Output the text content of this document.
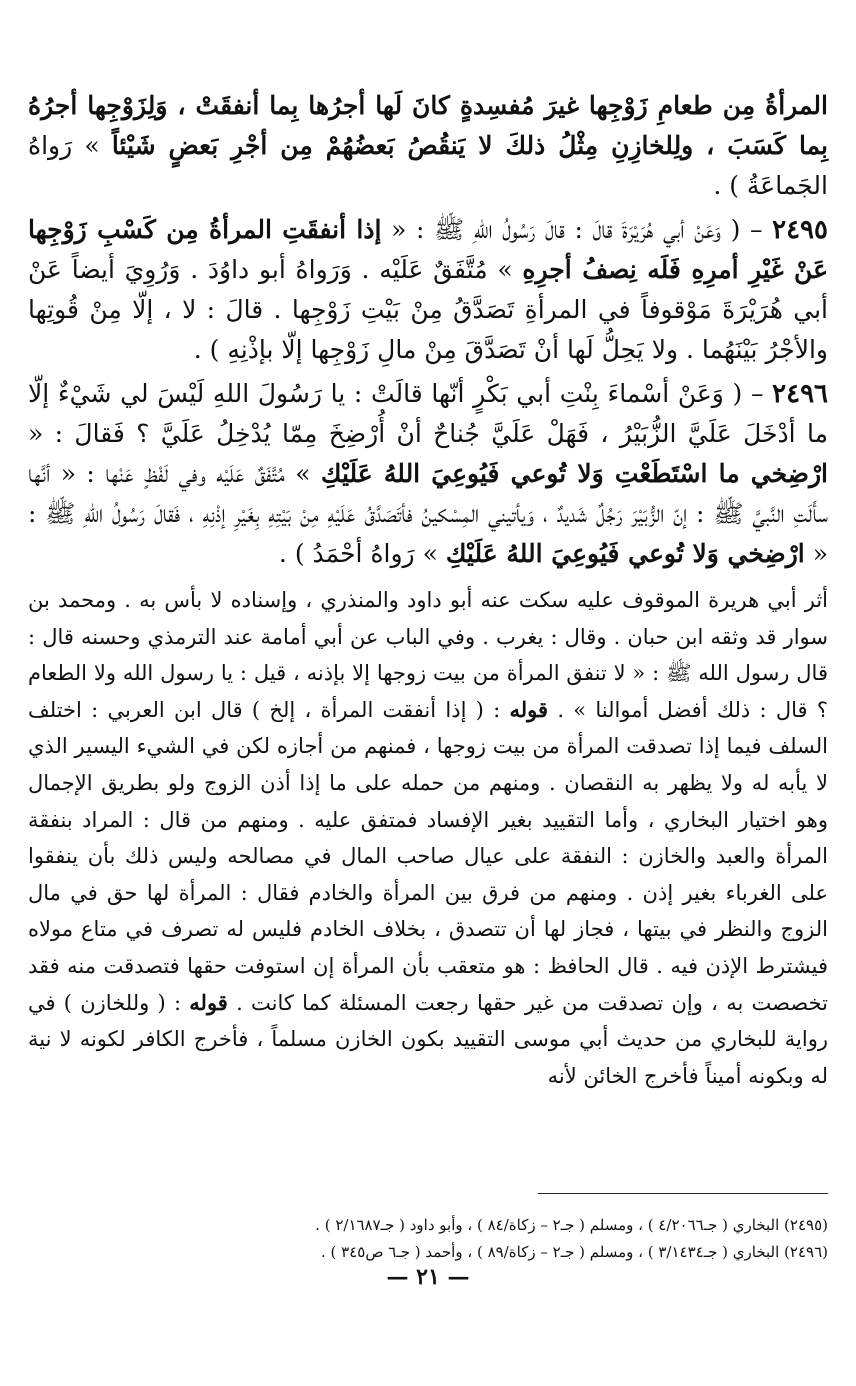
المرأةُ مِن طعامِ زَوْجِها غيرَ مُفسِدةٍ كانَ لَها أجرُها بِما أنفقَتْ ، وَلِزَوْجِها أجرُهُ بِما كَسَبَ ، ولِلخازِنِ مِثْلُ ذلكَ لا يَنقُصُ بَعضُهُمْ مِن أجْرِ بَعضٍ شَيْئاً » رَواهُ الجَماعَةُ ) .

٢٤٩٥ – ( وَعَنْ أبي هُرَيْرَةَ قالَ : قالَ رَسُولُ اللهِ ﷺ : « إذا أنفقَتِ المرأةُ مِن كَسْبِ زَوْجِها عَنْ غَيْرِ أمرِهِ فَلَه نِصفُ أجرِهِ » مُتَّفَقٌ عَلَيْه . وَرَواهُ أبو داوُدَ . وَرُوِيَ أيضاً عَنْ أبي هُرَيْرَةَ مَوْقوفاً في المرأةِ تَصَدَّقُ مِنْ بَيْتِ زَوْجِها . قالَ : لا ، إلّا مِنْ قُوتِها والأجْرُ بَيْنَهُما . ولا يَحِلُّ لَها أنْ تَصَدَّقَ مِنْ مالِ زَوْجِها إلّا بإذْنِهِ ) .

٢٤٩٦ – ( وَعَنْ أسْماءَ بِنْتِ أبي بَكْرٍ أنّها قالَتْ : يا رَسُولَ اللهِ لَيْسَ لي شَيْءٌ إلّا ما أدْخَلَ عَلَيَّ الزُّبَيْرُ ، فَهَلْ عَلَيَّ جُناحٌ أنْ أُرْضِخَ مِمّا يُدْخِلُ عَلَيَّ ؟ فَقالَ : « ارْضِخي ما اسْتَطَعْتِ وَلا تُوعي فَيُوعِيَ اللهُ عَلَيْكِ » مُتَّفَقٌ عَلَيْه وفي لَفْظٍ عَنْها : « أنَّها سأَلَتِ النَّبيَّ ﷺ : إنّ الزُّبَيْرَ رَجُلٌ شَديدٌ ، وَيأتيني المِسْكينُ فأتَصَدَّقُ عَلَيْهِ مِنْ بَيْتِهِ بِغَيْرِ إذْنِهِ ، فَقالَ رَسُولُ اللهِ ﷺ : « ارْضِخي وَلا تُوعي فَيُوعِيَ اللهُ عَلَيْكِ » رَواهُ أحْمَدُ ) .

أثر أبي هريرة الموقوف عليه سكت عنه أبو داود والمنذري ، وإسناده لا بأس به . ومحمد بن سوار قد وثقه ابن حبان . وقال : يغرب . وفي الباب عن أبي أمامة عند الترمذي وحسنه قال : قال رسول الله ﷺ : « لا تنفق المرأة من بيت زوجها إلا بإذنه ، قيل : يا رسول الله ولا الطعام ؟ قال : ذلك أفضل أموالنا » . قوله : ( إذا أنفقت المرأة ، إلخ ) قال ابن العربي : اختلف السلف فيما إذا تصدقت المرأة من بيت زوجها ، فمنهم من أجازه لكن في الشيء اليسير الذي لا يأبه له ولا يظهر به النقصان . ومنهم من حمله على ما إذا أذن الزوج ولو بطريق الإجمال وهو اختيار البخاري ، وأما التقييد بغير الإفساد فمتفق عليه . ومنهم من قال : المراد بنفقة المرأة والعبد والخازن : النفقة على عيال صاحب المال في مصالحه وليس ذلك بأن ينفقوا على الغرباء بغير إذن . ومنهم من فرق بين المرأة والخادم فقال : المرأة لها حق في مال الزوج والنظر في بيتها ، فجاز لها أن تتصدق ، بخلاف الخادم فليس له تصرف في متاع مولاه فيشترط الإذن فيه . قال الحافظ : هو متعقب بأن المرأة إن استوفت حقها فتصدقت منه فقد تخصصت به ، وإن تصدقت من غير حقها رجعت المسئلة كما كانت . قوله : ( وللخازن ) في رواية للبخاري من حديث أبي موسى التقييد بكون الخازن مسلماً ، فأخرج الكافر لكونه لا نية له وبكونه أميناً فأخرج الخائن لأنه
(٢٤٩٥) البخاري ( جـ٤/٢٠٦٦ ) ، ومسلم ( جـ٢ – زكاة/٨٤ ) ، وأبو داود ( جـ٢/١٦٨٧ ) .
(٢٤٩٦) البخاري ( جـ٣/١٤٣٤ ) ، ومسلم ( جـ٢ – زكاة/٨٩ ) ، وأحمد ( جـ٦ ص٣٤٥ ) .
— ٢١ —
